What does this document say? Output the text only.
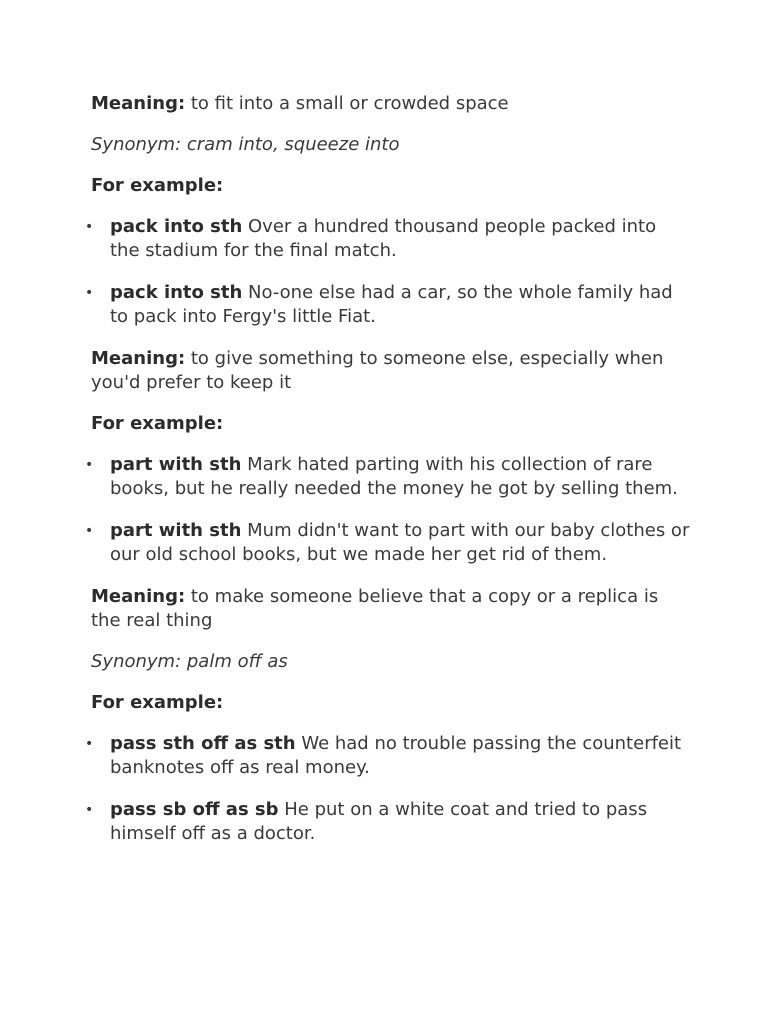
Meaning: to fit into a small or crowded space

Synonym: cram into, squeeze into

For example:

• pack into sth Over a hundred thousand people packed into the stadium for the final match.
• pack into sth No-one else had a car, so the whole family had to pack into Fergy's little Fiat.

Meaning: to give something to someone else, especially when you'd prefer to keep it

For example:

• part with sth Mark hated parting with his collection of rare books, but he really needed the money he got by selling them.
• part with sth Mum didn't want to part with our baby clothes or our old school books, but we made her get rid of them.

Meaning: to make someone believe that a copy or a replica is the real thing

Synonym: palm off as

For example:

• pass sth off as sth We had no trouble passing the counterfeit banknotes off as real money.
• pass sb off as sb He put on a white coat and tried to pass himself off as a doctor.
